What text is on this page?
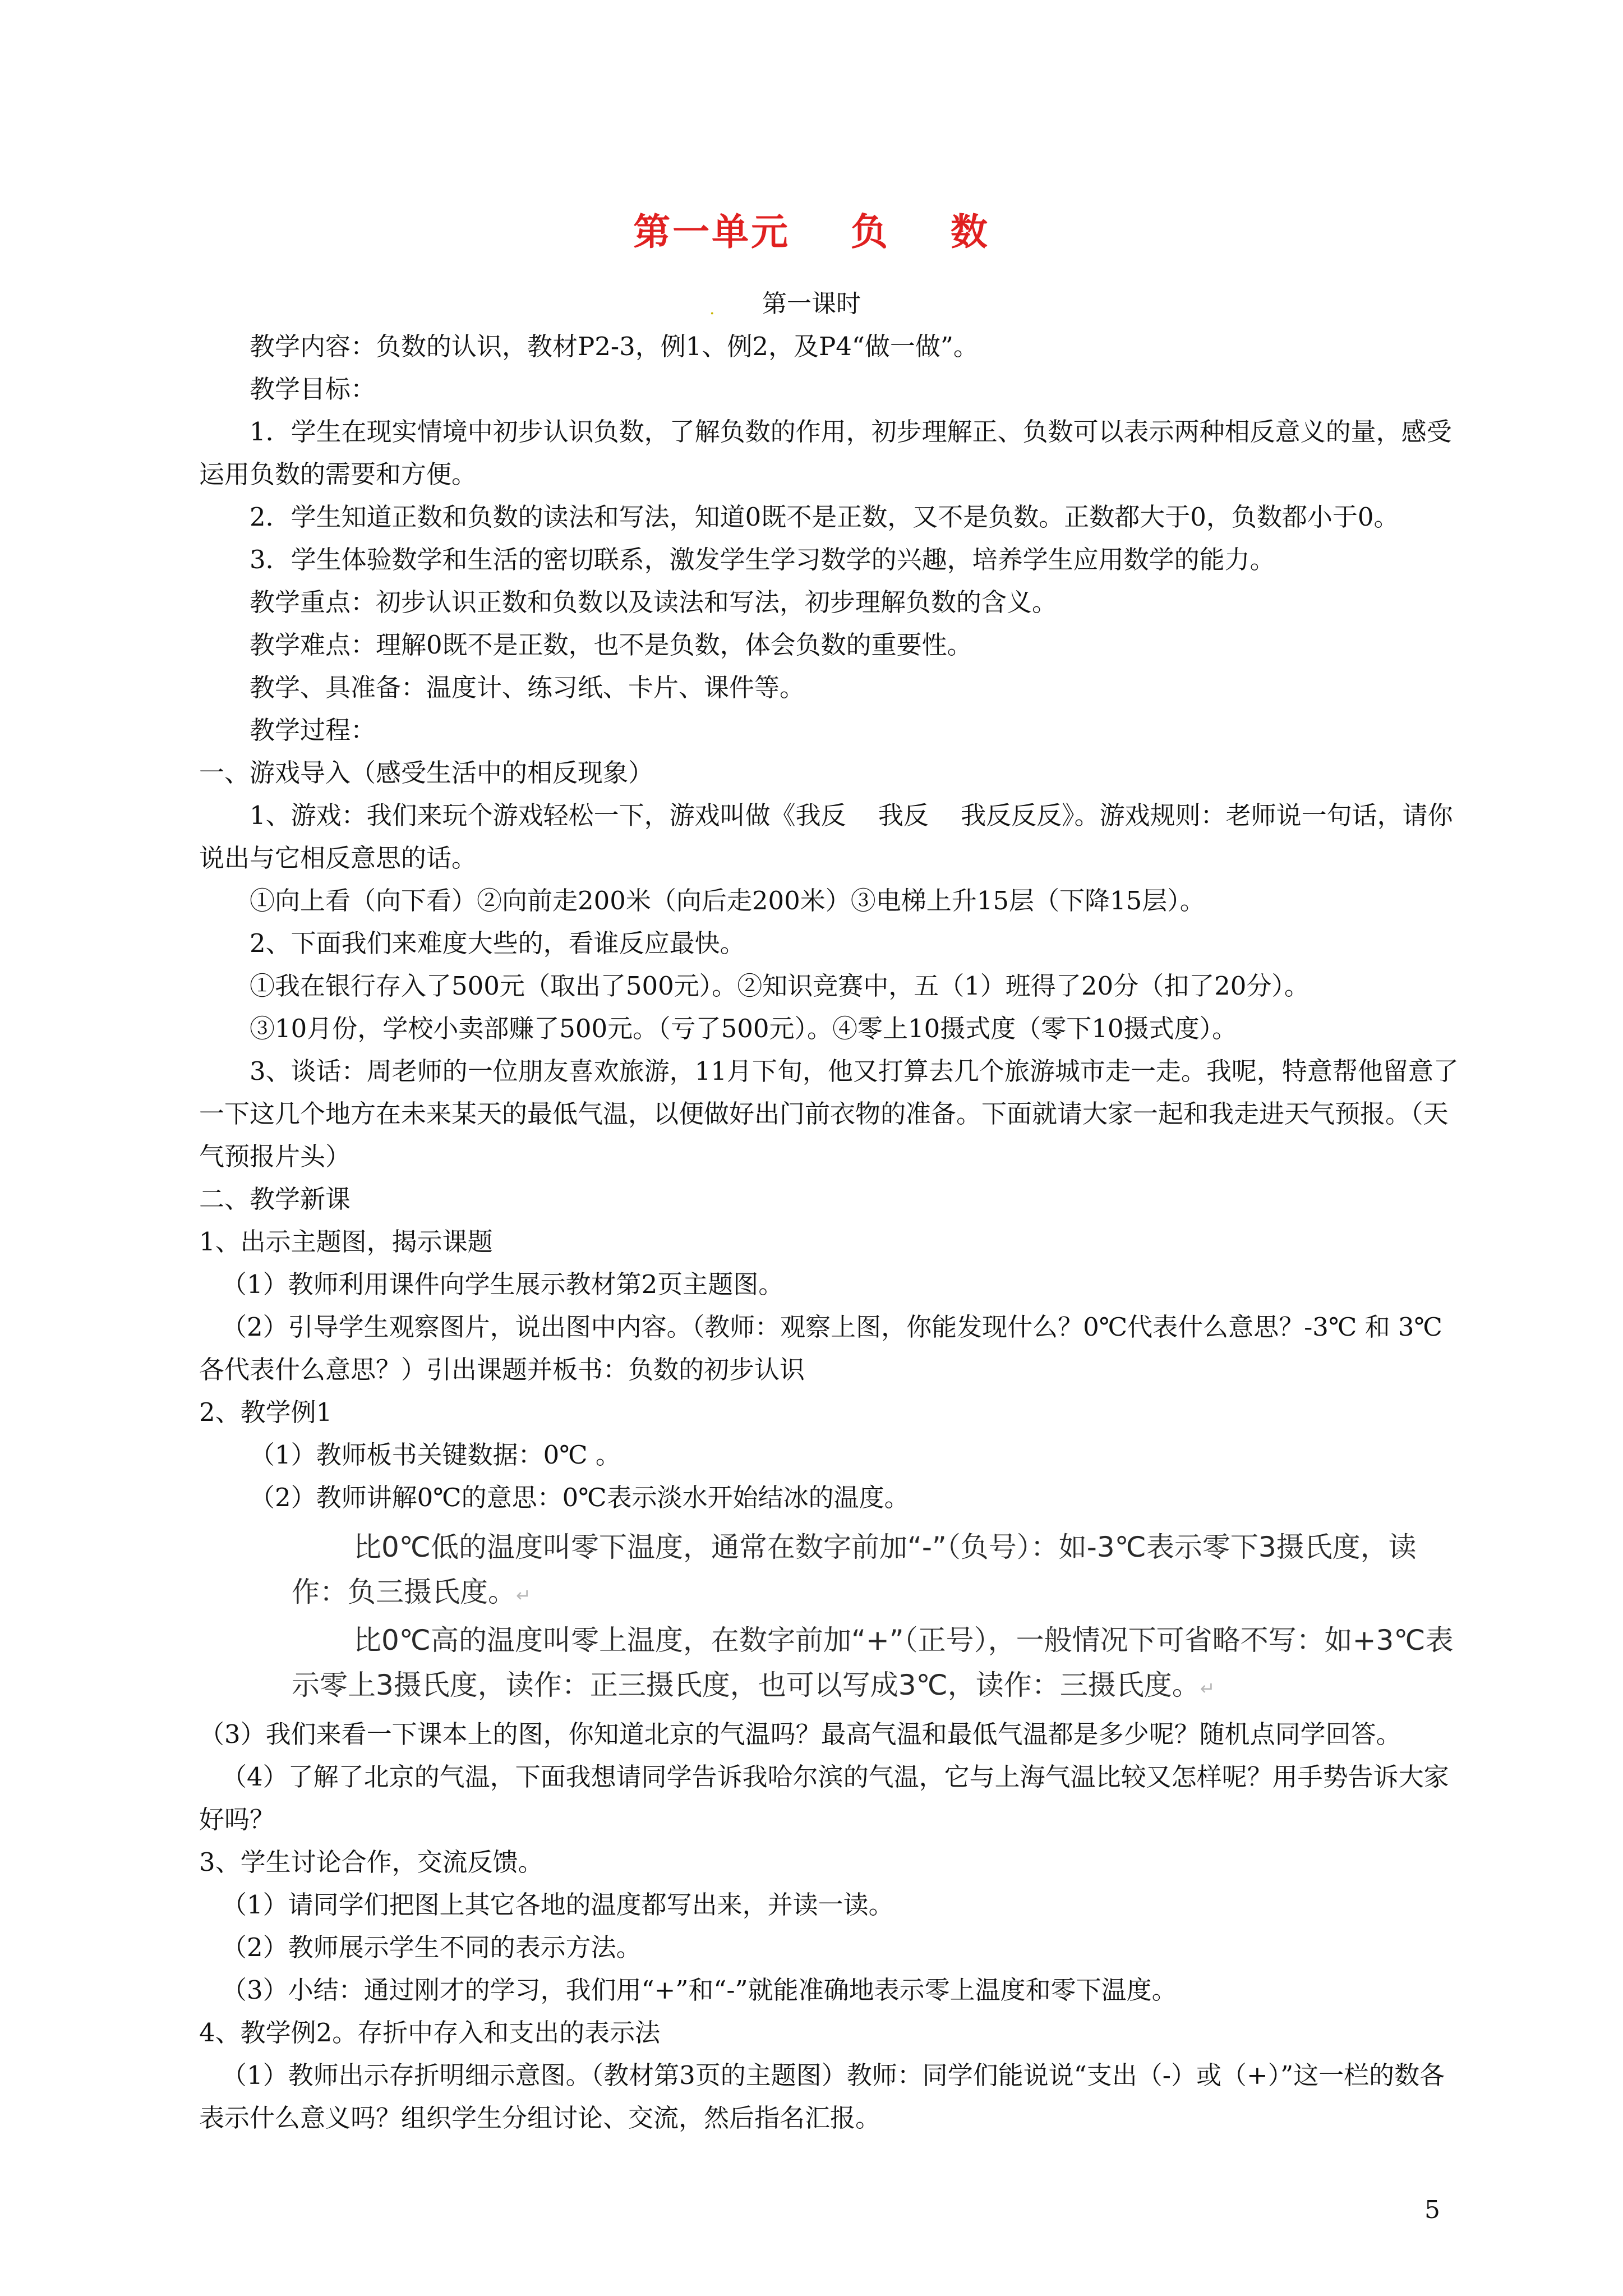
第一单元    负    数
.	第一课时

教学内容：负数的认识，教材P2-3，例1、例2，及P4“做一做”。

教学目标：

1．学生在现实情境中初步认识负数，了解负数的作用，初步理解正、负数可以表示两种相反意义的量，感受运用负数的需要和方便。

2．学生知道正数和负数的读法和写法，知道0既不是正数，又不是负数。正数都大于0，负数都小于0。

3．学生体验数学和生活的密切联系，激发学生学习数学的兴趣，培养学生应用数学的能力。

教学重点：初步认识正数和负数以及读法和写法，初步理解负数的含义。

教学难点：理解0既不是正数，也不是负数，体会负数的重要性。

教学、具准备：温度计、练习纸、卡片、课件等。

教学过程：

一、游戏导入（感受生活中的相反现象）

1、游戏：我们来玩个游戏轻松一下，游戏叫做《我反    我反    我反反反》。游戏规则：老师说一句话，请你说出与它相反意思的话。

①向上看（向下看）②向前走200米（向后走200米）③电梯上升15层（下降15层）。

2、下面我们来难度大些的，看谁反应最快。

①我在银行存入了500元（取出了500元）。②知识竞赛中，五（1）班得了20分（扣了20分）。

③10月份，学校小卖部赚了500元。（亏了500元）。④零上10摄式度（零下10摄式度）。

3、谈话：周老师的一位朋友喜欢旅游，11月下旬，他又打算去几个旅游城市走一走。我呢，特意帮他留意了一下这几个地方在未来某天的最低气温，以便做好出门前衣物的准备。下面就请大家一起和我走进天气预报。（天气预报片头）

二、教学新课

1、出示主题图，揭示课题

（1）教师利用课件向学生展示教材第2页主题图。

（2）引导学生观察图片，说出图中内容。（教师：观察上图，你能发现什么？0℃代表什么意思？-3℃ 和 3℃ 各代表什么意思？）引出课题并板书：负数的初步认识

2、教学例1

（1）教师板书关键数据：0℃ 。

（2）教师讲解0℃的意思：0℃表示淡水开始结冰的温度。

比0℃低的温度叫零下温度，通常在数字前加“-”（负号）：如-3℃表示零下3摄氏度，读作：负三摄氏度。↵

比0℃高的温度叫零上温度，在数字前加“+”（正号），一般情况下可省略不写：如+3℃表示零上3摄氏度，读作：正三摄氏度，也可以写成3℃，读作：三摄氏度。↵

（3）我们来看一下课本上的图，你知道北京的气温吗？最高气温和最低气温都是多少呢？随机点同学回答。

（4）了解了北京的气温，下面我想请同学告诉我哈尔滨的气温，它与上海气温比较又怎样呢？用手势告诉大家好吗？

3、学生讨论合作，交流反馈。

（1）请同学们把图上其它各地的温度都写出来，并读一读。

（2）教师展示学生不同的表示方法。

（3）小结：通过刚才的学习，我们用“+”和“-”就能准确地表示零上温度和零下温度。

4、教学例2。存折中存入和支出的表示法

（1）教师出示存折明细示意图。（教材第3页的主题图）教师：同学们能说说“支出（-）或（+）”这一栏的数各表示什么意义吗？组织学生分组讨论、交流，然后指名汇报。

5
